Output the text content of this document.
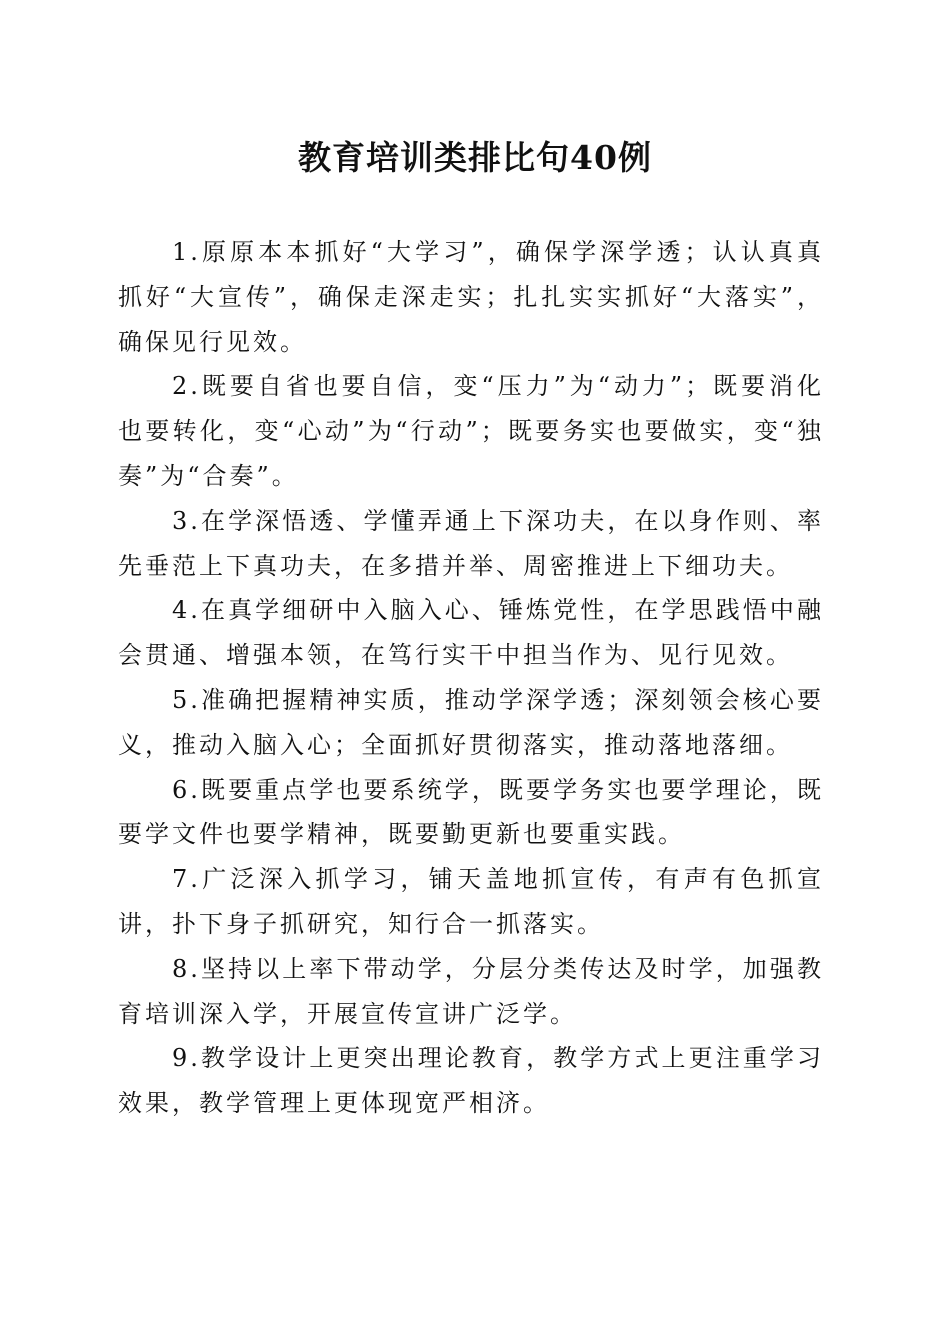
教育培训类排比句40例

1.原原本本抓好“大学习”，确保学深学透；认认真真抓好“大宣传”，确保走深走实；扎扎实实抓好“大落实”，确保见行见效。

2.既要自省也要自信，变“压力”为“动力”；既要消化也要转化，变“心动”为“行动”；既要务实也要做实，变“独奏”为“合奏”。

3.在学深悟透、学懂弄通上下深功夫，在以身作则、率先垂范上下真功夫，在多措并举、周密推进上下细功夫。

4.在真学细研中入脑入心、锤炼党性，在学思践悟中融会贯通、增强本领，在笃行实干中担当作为、见行见效。

5.准确把握精神实质，推动学深学透；深刻领会核心要义，推动入脑入心；全面抓好贯彻落实，推动落地落细。

6.既要重点学也要系统学，既要学务实也要学理论，既要学文件也要学精神，既要勤更新也要重实践。

7.广泛深入抓学习，铺天盖地抓宣传，有声有色抓宣讲，扑下身子抓研究，知行合一抓落实。

8.坚持以上率下带动学，分层分类传达及时学，加强教育培训深入学，开展宣传宣讲广泛学。

9.教学设计上更突出理论教育，教学方式上更注重学习效果，教学管理上更体现宽严相济。
